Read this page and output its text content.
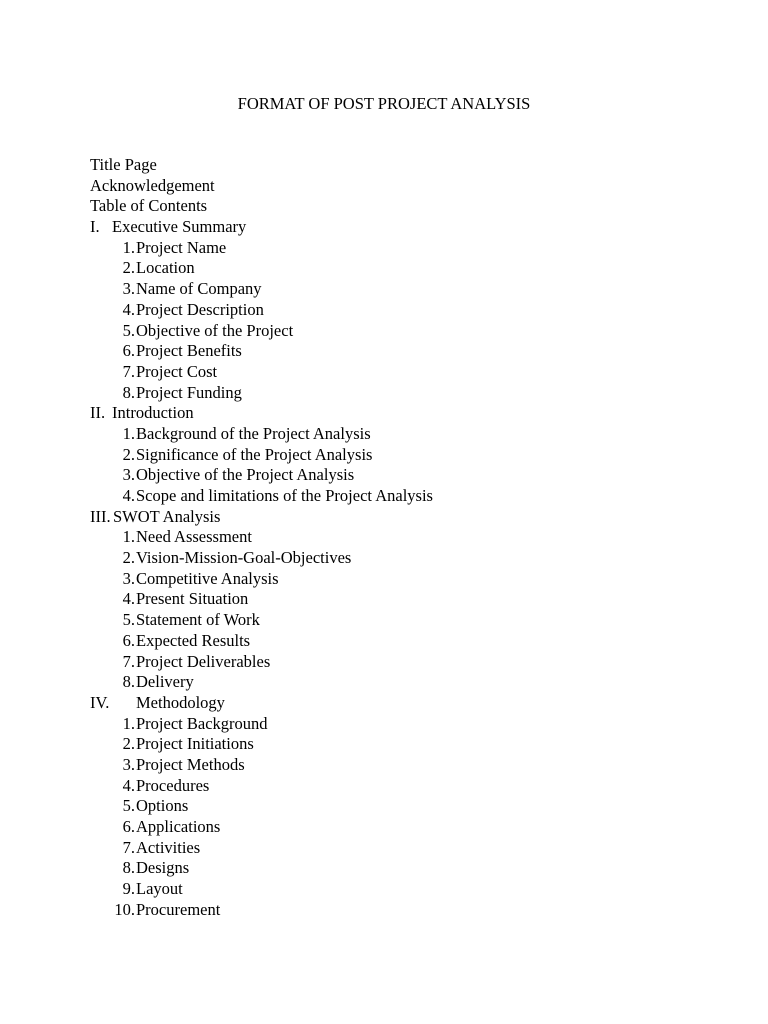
FORMAT OF POST PROJECT ANALYSIS
Title Page
Acknowledgement
Table of Contents
I. Executive Summary
1. Project Name
2. Location
3. Name of Company
4. Project Description
5. Objective of the Project
6. Project Benefits
7. Project Cost
8. Project Funding
II. Introduction
1. Background of the Project Analysis
2. Significance of the Project Analysis
3. Objective of the Project Analysis
4. Scope and limitations of the Project Analysis
III. SWOT Analysis
1. Need Assessment
2. Vision-Mission-Goal-Objectives
3. Competitive Analysis
4. Present Situation
5. Statement of Work
6. Expected Results
7. Project Deliverables
8. Delivery
IV. Methodology
1. Project Background
2. Project Initiations
3. Project Methods
4. Procedures
5. Options
6. Applications
7. Activities
8. Designs
9. Layout
10. Procurement
